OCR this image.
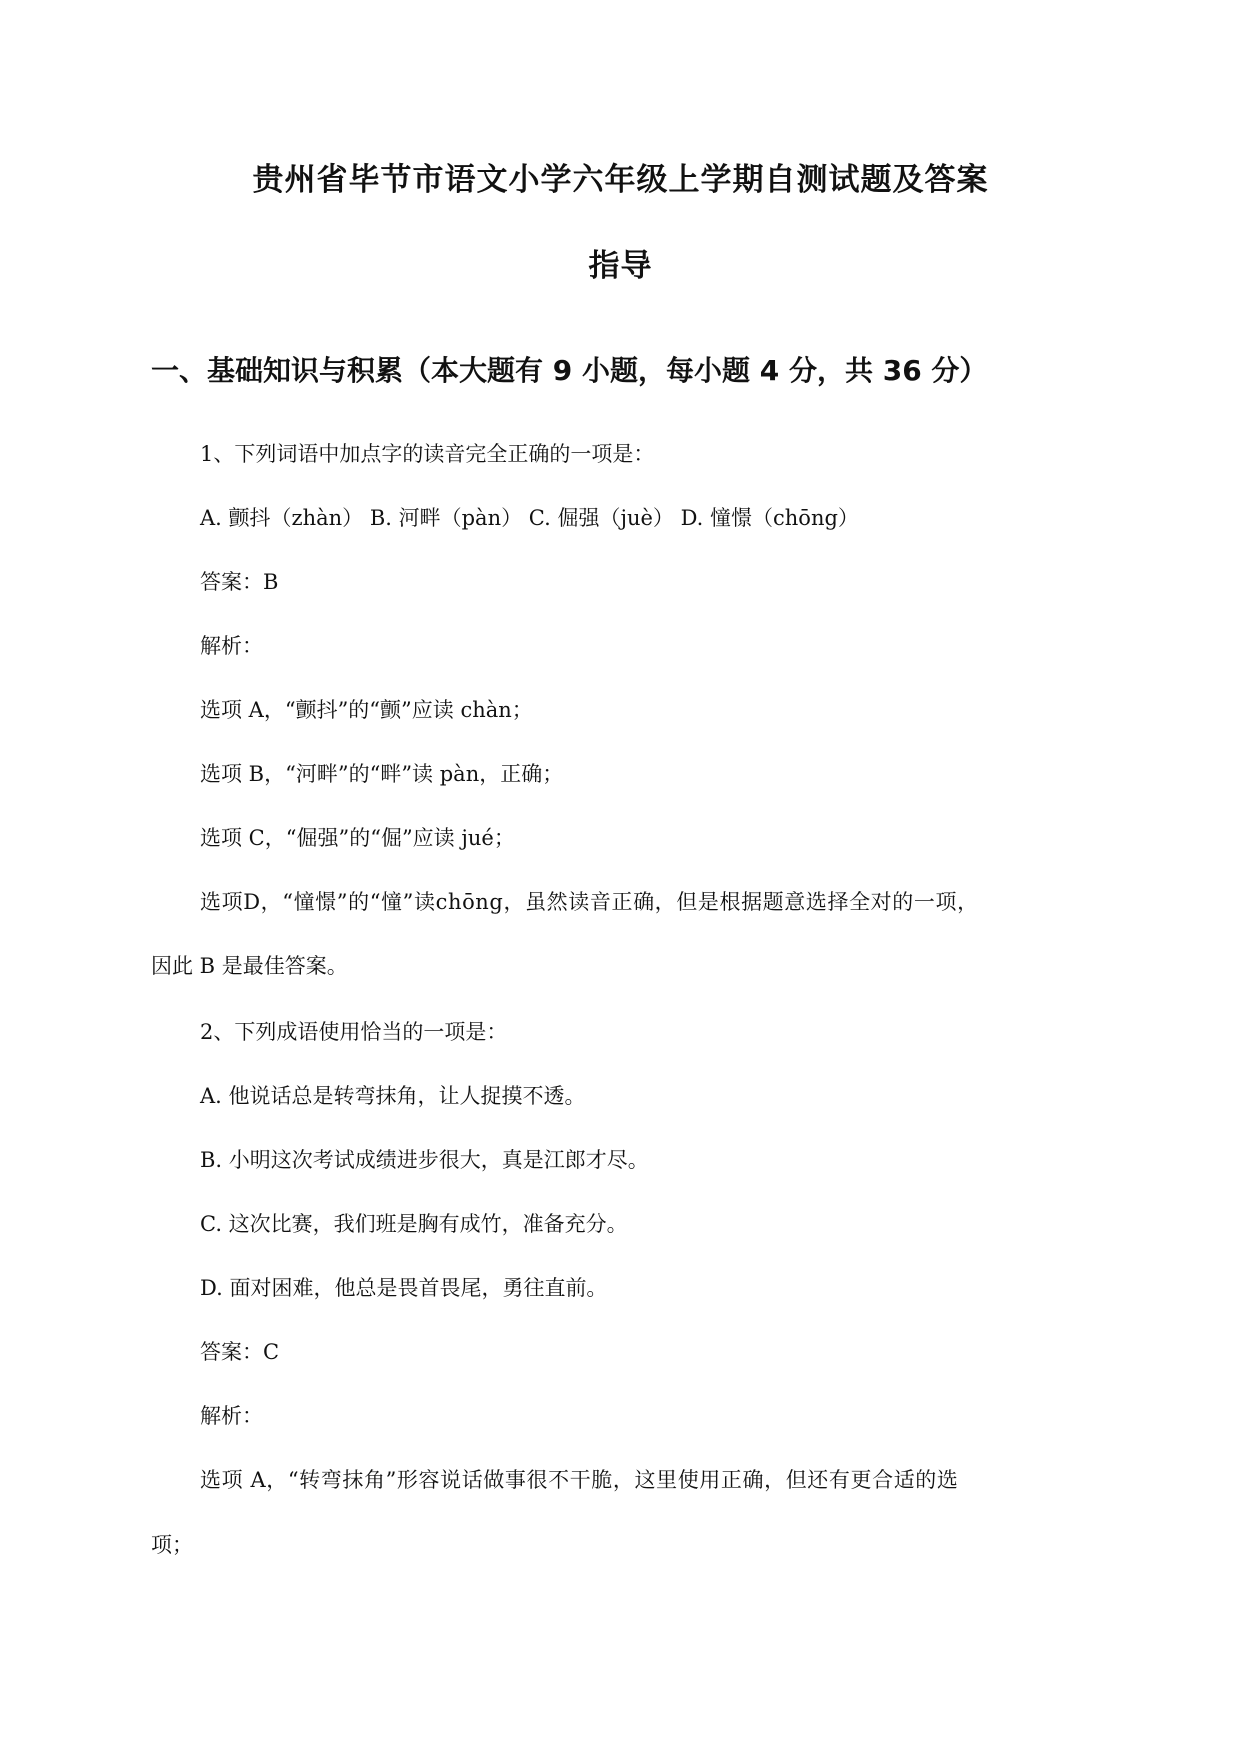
贵州省毕节市语文小学六年级上学期自测试题及答案
指导
一、基础知识与积累（本大题有 9 小题，每小题 4 分，共 36 分）
1、下列词语中加点字的读音完全正确的一项是：
A. 颤抖（zhàn） B. 河畔（pàn） C. 倔强（juè） D. 憧憬（chōng）
答案：B
解析：
选项 A，“颤抖”的“颤”应读 chàn；
选项 B，“河畔”的“畔”读 pàn，正确；
选项 C，“倔强”的“倔”应读 jué；
选项D，“憧憬”的“憧”读chōng，虽然读音正确，但是根据题意选择全对的一项，
因此 B 是最佳答案。
2、下列成语使用恰当的一项是：
A. 他说话总是转弯抹角，让人捉摸不透。
B. 小明这次考试成绩进步很大，真是江郎才尽。
C. 这次比赛，我们班是胸有成竹，准备充分。
D. 面对困难，他总是畏首畏尾，勇往直前。
答案：C
解析：
选项 A，“转弯抹角”形容说话做事很不干脆，这里使用正确，但还有更合适的选
项；
